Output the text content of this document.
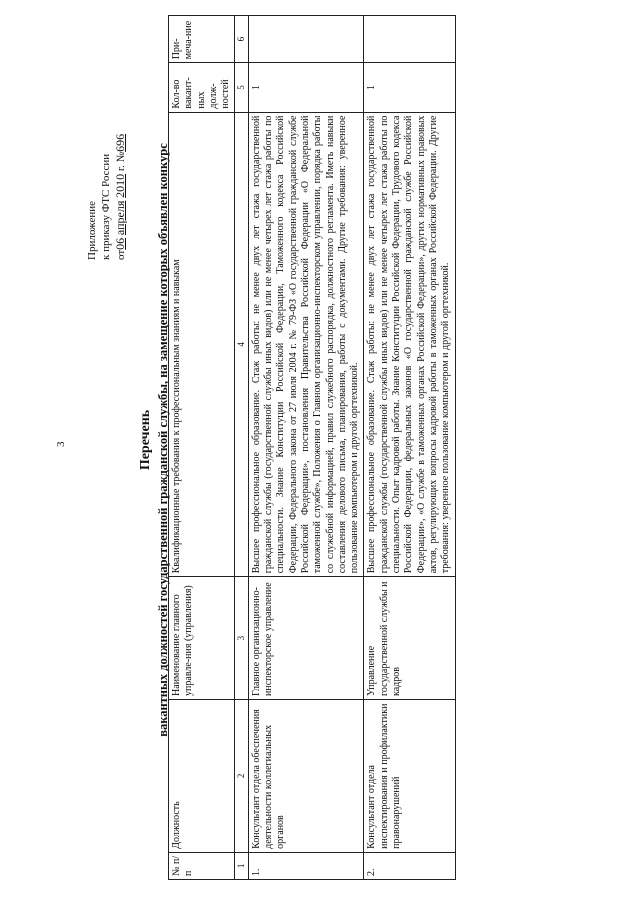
3
Приложение к приказу ФТС России от06 апреля 2010 г. №696
Перечень вакантных должностей государственной гражданской службы, на замещение которых объявлен конкурс
№ п/п	Должность	Наименование главного управле-ния (управления)	Квалификационные требования к профессиональным знаниям и навыкам	Кол-во вакант-ных долж-ностей	При-меча-ние
1	2	3	4	5	6
1.	Консультант отдела обеспечения деятельности коллегиальных органов	Главное организационно-инспекторское управление	Высшее профессиональное образование. Стаж работы: не менее двух лет стажа государственной гражданской службы (государственной службы иных видов) или не менее четырех лет стажа работы по специальности. Знание Конституции Российской Федерации, Таможенного кодекса Российской Федерации, Федерального закона от 27 июля 2004 г. № 79-ФЗ «О государственной гражданской службе Российской Федерации», постановления Правительства Российской Федерации «О Федеральной таможенной службе», Положения о Главном организационно-инспекторском управлении, порядка работы со служебной информацией, правил служебного распорядка, должностного регламента. Иметь навыки составления делового письма, планирования, работы с документами. Другие требования: уверенное пользование компьютером и другой оргтехникой.	1	
2.	Консультант отдела инспектирования и профилактики правонарушений	Управление государственной службы и кадров	Высшее профессиональное образование. Стаж работы: не менее двух лет стажа государственной гражданской службы (государственной службы иных видов) или не менее четырех лет стажа работы по специальности. Опыт кадровой работы. Знание Конституции Российской Федерации, Трудового кодекса Российской Федерации, федеральных законов «О государственной гражданской службе Российской Федерации», «О службе в таможенных органах Российской Федерации», других нормативных правовых актов, регулирующих вопросы кадровой работы в таможенных органах Российской Федерации. Другие требования: уверенное пользование компьютером и другой оргтехникой.	1	
